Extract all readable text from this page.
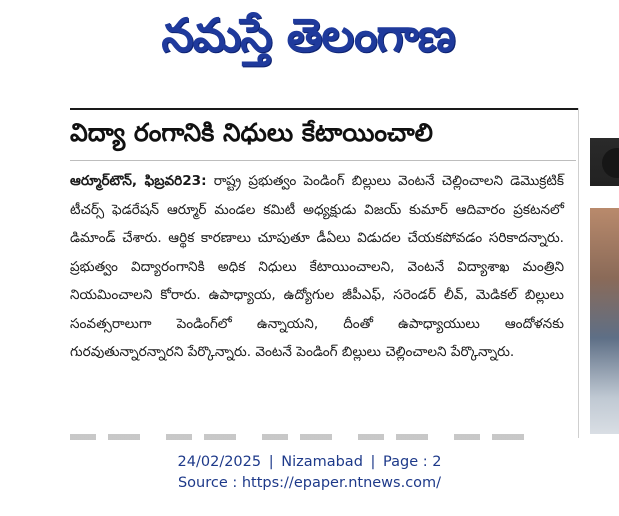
నమస్తే తెలంగాణ
విద్యా రంగానికి నిధులు కేటాయించాలి

ఆర్మూర్‌టౌన్‌, ఫిబ్రవరి23: రాష్ట్ర ప్రభుత్వం పెండింగ్‌ బిల్లులు వెంటనే చెల్లించాలని డెమొక్రటిక్‌ టీచర్స్‌ ఫెడరేషన్‌ ఆర్మూర్‌ మండల కమిటీ అధ్యక్షుడు విజయ్‌ కుమార్‌ ఆదివారం ప్రకటనలో డిమాండ్‌ చేశారు. ఆర్థిక కారణాలు చూపుతూ డీఏలు విడుదల చేయకపోవడం సరికాదన్నారు. ప్రభుత్వం విద్యారంగానికి అధిక నిధులు కేటాయించాలని, వెంటనే విద్యాశాఖ మంత్రిని నియమించాలని కోరారు. ఉపాధ్యాయ, ఉద్యోగుల జీపీఎఫ్‌, సరెండర్‌ లీవ్‌, మెడికల్‌ బిల్లులు సంవత్సరాలుగా పెండింగ్‌లో ఉన్నాయని, దీంతో ఉపాధ్యాయులు ఆందోళనకు గురవుతున్నారన్నారని పేర్కొన్నారు. వెంటనే పెండింగ్‌ బిల్లులు చెల్లించాలని పేర్కొన్నారు.

24/02/2025 | Nizamabad | Page : 2
Source : https://epaper.ntnews.com/
